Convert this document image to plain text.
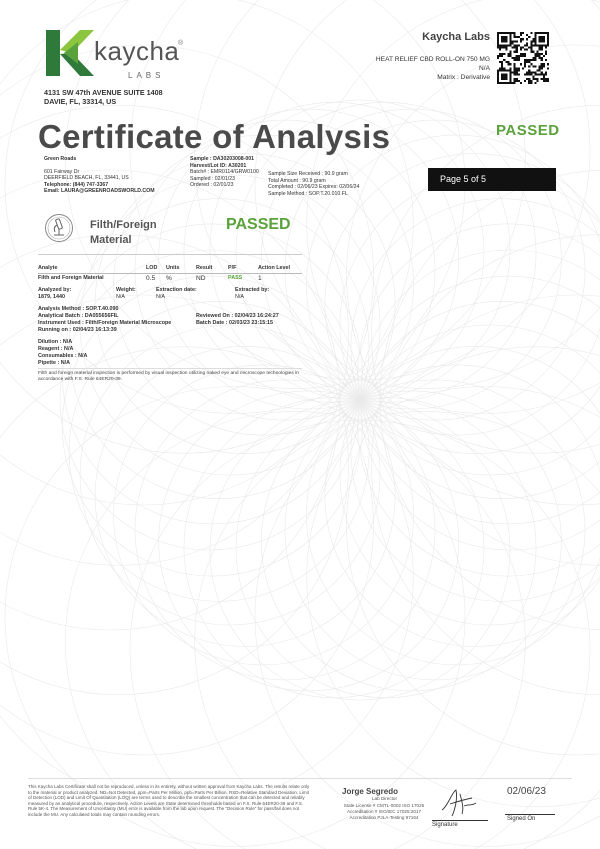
kaycha
®
LABS
4131 SW 47th AVENUE SUITE 1408
DAVIE, FL, 33314, US
Kaycha Labs
HEAT RELIEF CBD ROLL-ON 750 MG
N/A
Matrix : Derivative
Certificate of Analysis	PASSED
Green Roads
601 Fairway Dr
DEERFIELD BEACH, FL, 33441, US
Telephone: (844) 747-3367
Email: LAURA@GREENROADSWORLD.COM
Sample : DA30203008-001
Harvest/Lot ID: A30201
Batch# : EMR0114/GRW0100
Sampled : 02/01/23
Ordered : 02/01/23
Sample Size Received : 90.9 gram
Total Amount : 90.9 gram
Completed : 02/06/23 Expires: 02/06/24
Sample Method : SOP.T.20.010.FL
Page 5 of 5
Filth/Foreign
Material
PASSED
Analyte	LOD Units	Result	P/F	Action Level
Filth and Foreign Material	0.5 %	ND	PASS 1
Analyzed by:
1879, 1440
Weight:
N/A
Extraction date:
N/A
Extracted by:
N/A
Analysis Method : SOP.T.40.090
Analytical Batch : DA055656FIL
Instrument Used : Filth/Foreign Material Microscope
Running on : 02/04/23 16:13:39
Reviewed On : 02/04/23 16:24:27
Batch Date : 02/03/23 23:15:15
Dilution : N/A
Reagent : N/A
Consumables : N/A
Pipette : N/A
Filth and foreign material inspection is performed by visual inspection utilizing naked eye and microscope technologies in accordance with F.S. Rule 64ER20-39.
This Kaycha Labs Certificate shall not be reproduced, unless in its entirety, without written approval from Kaycha Labs. The results relate only to the material or product analyzed. ND=Not Detected, ppm=Parts Per Million, ppb=Parts Per Billion, RSD=Relative Standard Deviation. Limit of Detection (LOD) and Limit Of Quantitation (LOQ) are terms used to describe the smallest concentration that can be detected and reliably measured by an analytical procedure, respectively. Action Levels are State determined thresholds based on F.S. Rule 64ER20-39 and F.S. Rule 5K-4. The Measurement of Uncertainty (MU) error is available from the lab upon request. The "Decision Rule" for pass/fail does not include the MU. Any calculated totals may contain rounding errors.
Jorge Segredo
Lab Director
State License # CMTL-0002 ISO 17025 Accreditation # ISO/IEC 17025:2017 Accreditation PJLA-Testing 97164
Signature
02/06/23
Signed On
